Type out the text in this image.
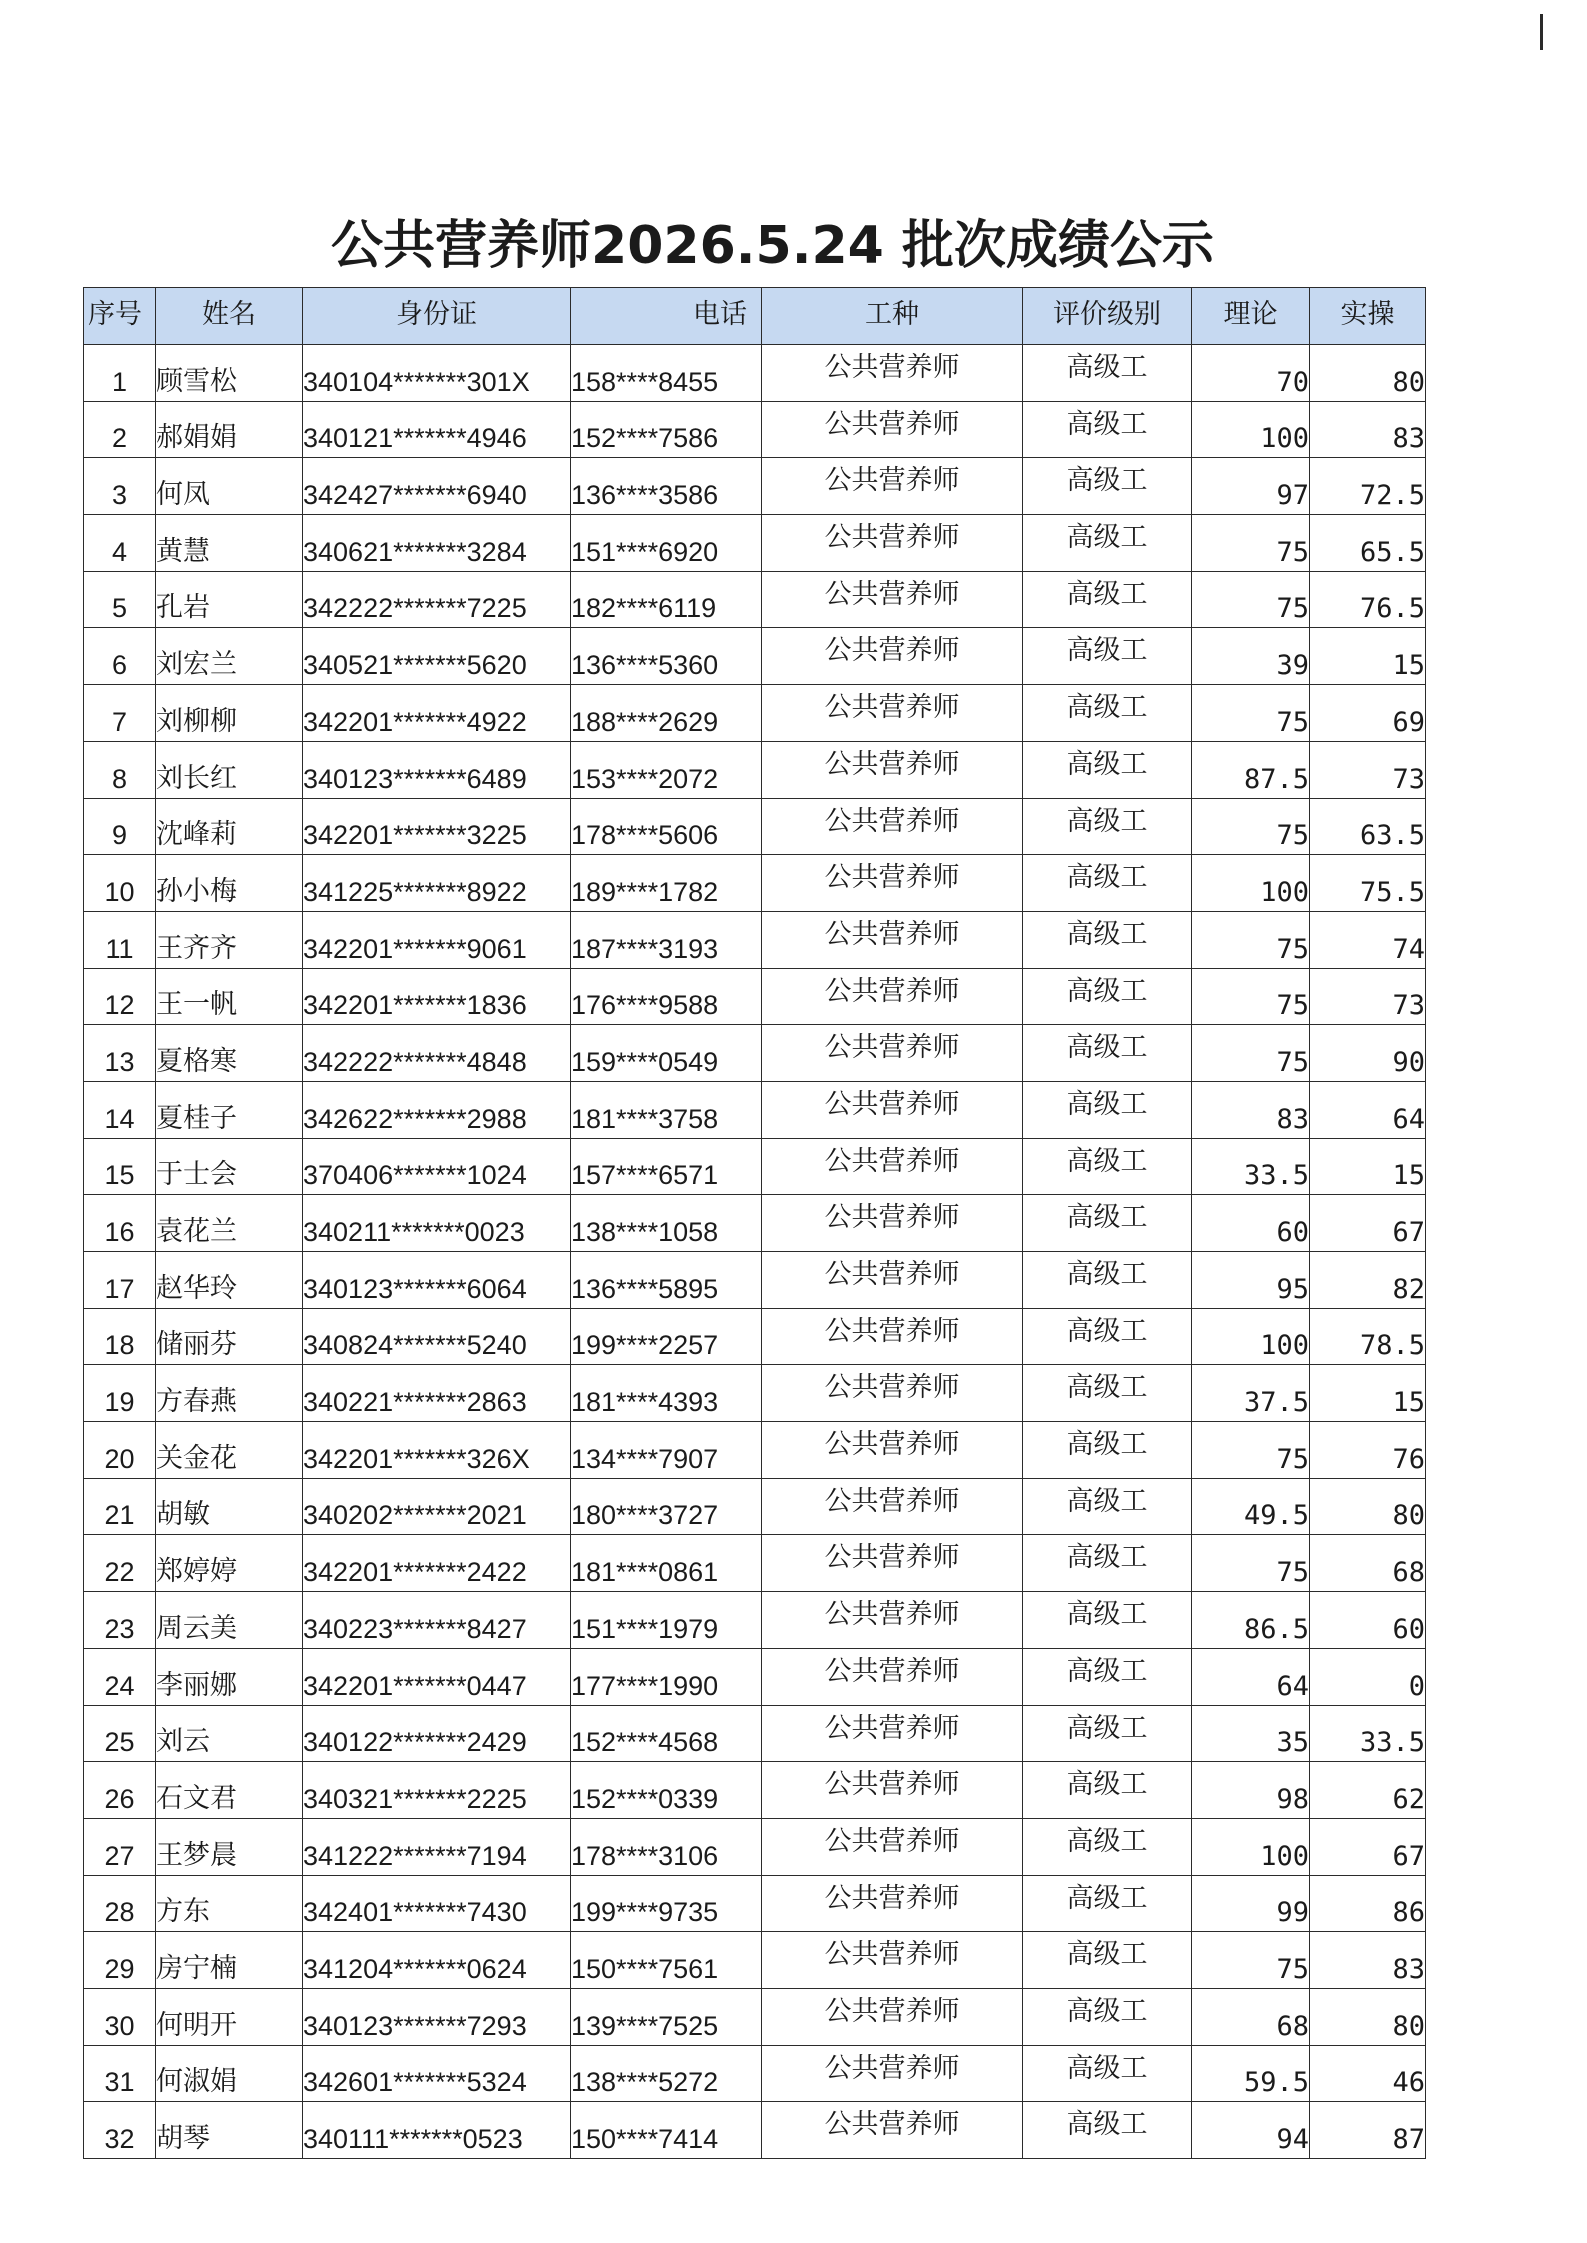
公共营养师2026.5.24 批次成绩公示
序号	姓名	身份证	电话	工种	评价级别	理论	实操
1	顾雪松	340104*******301X	158****8455	公共营养师	高级工	70	80
2	郝娟娟	340121*******4946	152****7586	公共营养师	高级工	100	83
3	何凤	342427*******6940	136****3586	公共营养师	高级工	97	72.5
4	黄慧	340621*******3284	151****6920	公共营养师	高级工	75	65.5
5	孔岩	342222*******7225	182****6119	公共营养师	高级工	75	76.5
6	刘宏兰	340521*******5620	136****5360	公共营养师	高级工	39	15
7	刘柳柳	342201*******4922	188****2629	公共营养师	高级工	75	69
8	刘长红	340123*******6489	153****2072	公共营养师	高级工	87.5	73
9	沈峰莉	342201*******3225	178****5606	公共营养师	高级工	75	63.5
10	孙小梅	341225*******8922	189****1782	公共营养师	高级工	100	75.5
11	王齐齐	342201*******9061	187****3193	公共营养师	高级工	75	74
12	王一帆	342201*******1836	176****9588	公共营养师	高级工	75	73
13	夏格寒	342222*******4848	159****0549	公共营养师	高级工	75	90
14	夏桂子	342622*******2988	181****3758	公共营养师	高级工	83	64
15	于士会	370406*******1024	157****6571	公共营养师	高级工	33.5	15
16	袁花兰	340211*******0023	138****1058	公共营养师	高级工	60	67
17	赵华玲	340123*******6064	136****5895	公共营养师	高级工	95	82
18	储丽芬	340824*******5240	199****2257	公共营养师	高级工	100	78.5
19	方春燕	340221*******2863	181****4393	公共营养师	高级工	37.5	15
20	关金花	342201*******326X	134****7907	公共营养师	高级工	75	76
21	胡敏	340202*******2021	180****3727	公共营养师	高级工	49.5	80
22	郑婷婷	342201*******2422	181****0861	公共营养师	高级工	75	68
23	周云美	340223*******8427	151****1979	公共营养师	高级工	86.5	60
24	李丽娜	342201*******0447	177****1990	公共营养师	高级工	64	0
25	刘云	340122*******2429	152****4568	公共营养师	高级工	35	33.5
26	石文君	340321*******2225	152****0339	公共营养师	高级工	98	62
27	王梦晨	341222*******7194	178****3106	公共营养师	高级工	100	67
28	方东	342401*******7430	199****9735	公共营养师	高级工	99	86
29	房宁楠	341204*******0624	150****7561	公共营养师	高级工	75	83
30	何明开	340123*******7293	139****7525	公共营养师	高级工	68	80
31	何淑娟	342601*******5324	138****5272	公共营养师	高级工	59.5	46
32	胡琴	340111*******0523	150****7414	公共营养师	高级工	94	87
